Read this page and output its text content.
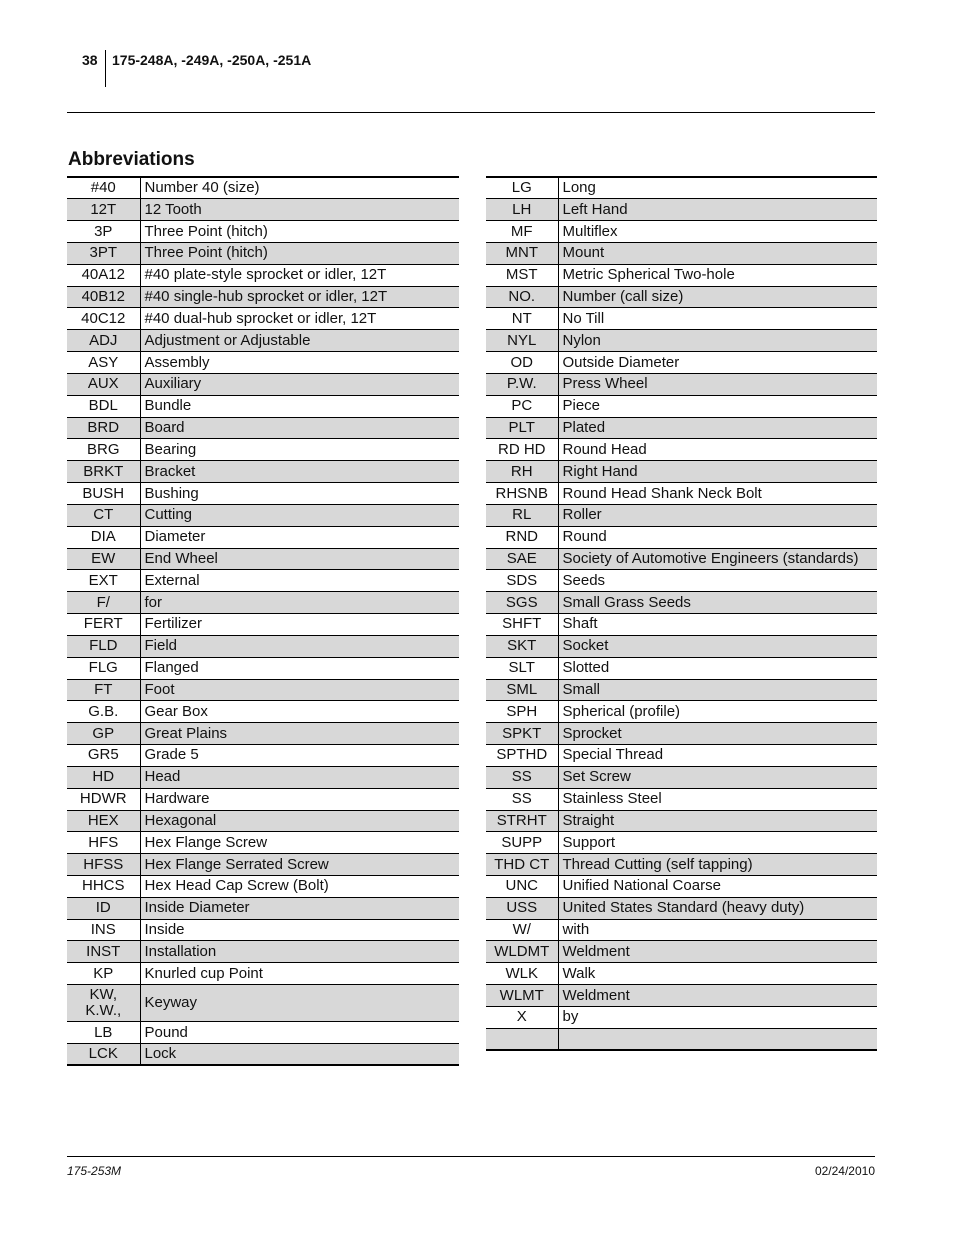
38	175-248A, -249A, -250A, -251A
Abbreviations
#40	Number 40 (size)
12T	12 Tooth
3P	Three Point (hitch)
3PT	Three Point (hitch)
40A12	#40 plate-style sprocket or idler, 12T
40B12	#40 single-hub sprocket or idler, 12T
40C12	#40 dual-hub sprocket or idler, 12T
ADJ	Adjustment or Adjustable
ASY	Assembly
AUX	Auxiliary
BDL	Bundle
BRD	Board
BRG	Bearing
BRKT	Bracket
BUSH	Bushing
CT	Cutting
DIA	Diameter
EW	End Wheel
EXT	External
F/	for
FERT	Fertilizer
FLD	Field
FLG	Flanged
FT	Foot
G.B.	Gear Box
GP	Great Plains
GR5	Grade 5
HD	Head
HDWR	Hardware
HEX	Hexagonal
HFS	Hex Flange Screw
HFSS	Hex Flange Serrated Screw
HHCS	Hex Head Cap Screw (Bolt)
ID	Inside Diameter
INS	Inside
INST	Installation
KP	Knurled cup Point
KW,
K.W.,	Keyway
LB	Pound
LCK	Lock
LG	Long
LH	Left Hand
MF	Multiflex
MNT	Mount
MST	Metric Spherical Two-hole
NO.	Number (call size)
NT	No Till
NYL	Nylon
OD	Outside Diameter
P.W.	Press Wheel
PC	Piece
PLT	Plated
RD HD	Round Head
RH	Right Hand
RHSNB	Round Head Shank Neck Bolt
RL	Roller
RND	Round
SAE	Society of Automotive Engineers (standards)
SDS	Seeds
SGS	Small Grass Seeds
SHFT	Shaft
SKT	Socket
SLT	Slotted
SML	Small
SPH	Spherical (profile)
SPKT	Sprocket
SPTHD	Special Thread
SS	Set Screw
SS	Stainless Steel
STRHT	Straight
SUPP	Support
THD CT	Thread Cutting (self tapping)
UNC	Unified National Coarse
USS	United States Standard (heavy duty)
W/	with
WLDMT	Weldment
WLK	Walk
WLMT	Weldment
X	by

175-253M	02/24/2010
